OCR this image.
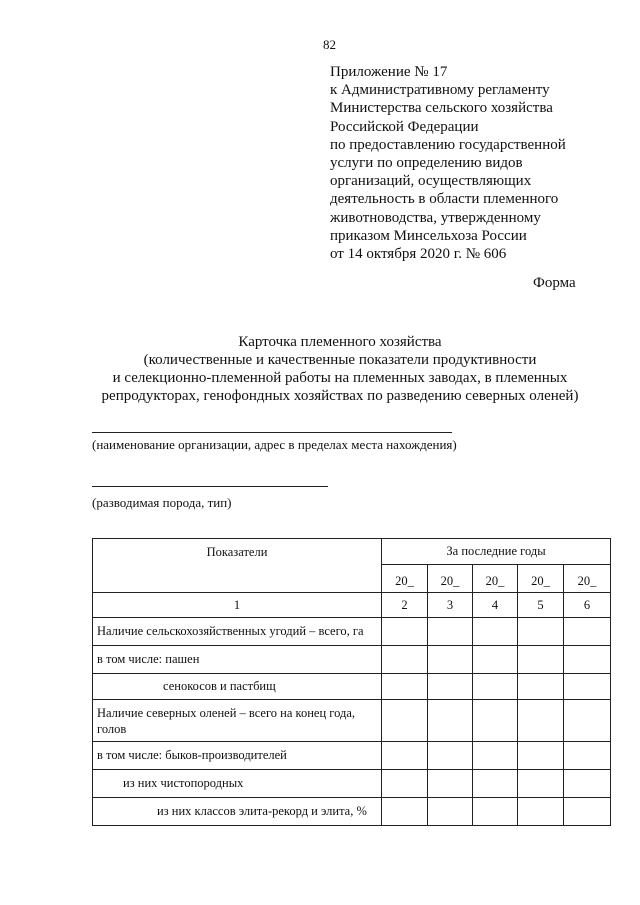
82
Приложение № 17
к Административному регламенту
Министерства сельского хозяйства
Российской Федерации
по предоставлению государственной
услуги по определению видов
организаций, осуществляющих
деятельность в области племенного
животноводства, утвержденному
приказом Минсельхоза России
от 14 октября 2020 г. № 606
Форма
Карточка племенного хозяйства
(количественные и качественные показатели продуктивности
и селекционно-племенной работы на племенных заводах, в племенных
репродукторах, генофондных хозяйствах по разведению северных оленей)
(наименование организации, адрес в пределах места нахождения)
(разводимая порода, тип)
Показатели	За последние годы				
	20_	20_	20_	20_	20_
1	2	3	4	5	6
Наличие сельскохозяйственных угодий – всего, га					
в том числе: пашен					
сенокосов и пастбищ					
Наличие северных оленей – всего на конец года, голов					
в том числе: быков-производителей					
из них чистопородных					
из них классов элита-рекорд и элита, %					
